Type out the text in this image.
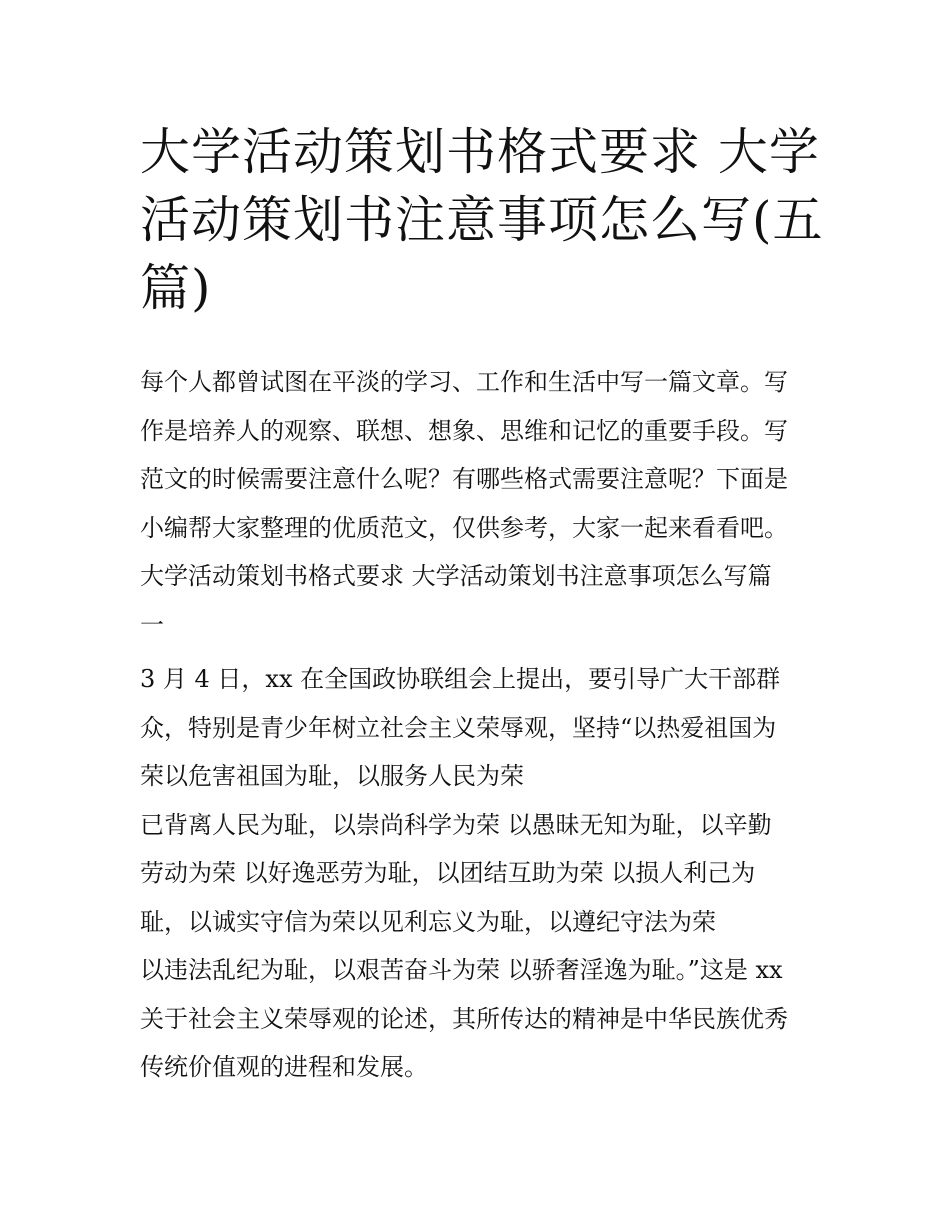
大学活动策划书格式要求 大学
活动策划书注意事项怎么写(五
篇)
每个人都曾试图在平淡的学习、工作和生活中写一篇文章。写
作是培养人的观察、联想、想象、思维和记忆的重要手段。写
范文的时候需要注意什么呢？有哪些格式需要注意呢？下面是
小编帮大家整理的优质范文，仅供参考，大家一起来看看吧。
大学活动策划书格式要求 大学活动策划书注意事项怎么写篇
一
3 月 4 日，xx 在全国政协联组会上提出，要引导广大干部群
众，特别是青少年树立社会主义荣辱观，坚持“以热爱祖国为
荣以危害祖国为耻，以服务人民为荣
已背离人民为耻，以崇尚科学为荣 以愚昧无知为耻，以辛勤
劳动为荣 以好逸恶劳为耻，以团结互助为荣 以损人利己为
耻，以诚实守信为荣以见利忘义为耻，以遵纪守法为荣
以违法乱纪为耻，以艰苦奋斗为荣 以骄奢淫逸为耻。”这是 xx
关于社会主义荣辱观的论述，其所传达的精神是中华民族优秀
传统价值观的进程和发展。
